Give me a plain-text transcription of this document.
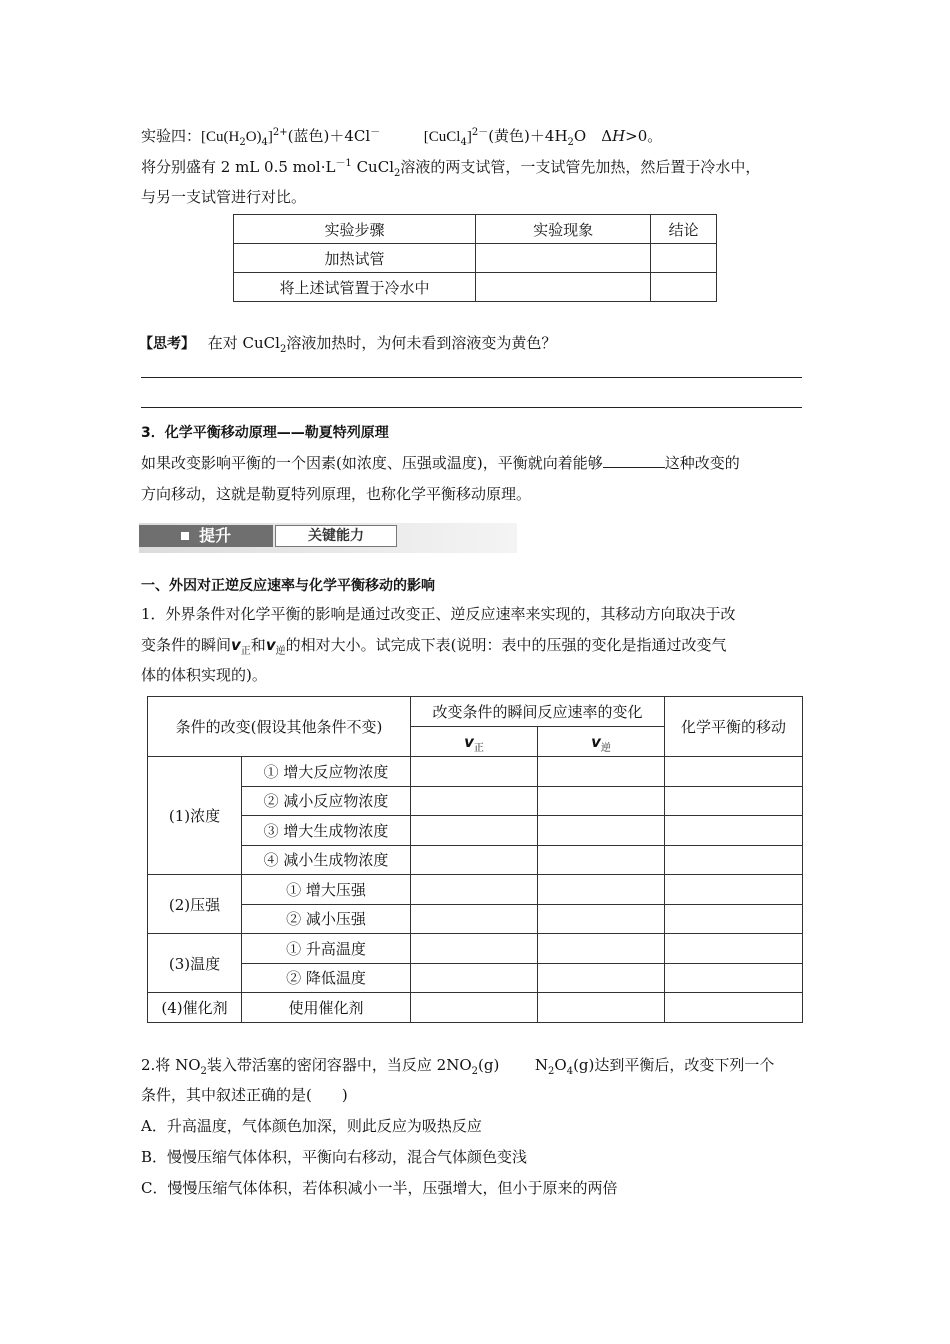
实验四：$[Cu(H_2O)_4]^{2+}$(蓝色)＋4Cl－	[CuCl$_4$]$^{2-}$(黄色)$+4H_2O$　ΔH>0。
将分别盛有 2 mL 0.5 $mol\cdot L^{-1}$ CuCl$_2$溶液的两支试管，一支试管先加热，然后置于冷水中，
与另一支试管进行对比。
实验步骤	实验现象	结论
加热试管		
将上述试管置于冷水中		
【思考】 在对 CuCl$_2$溶液加热时，为何未看到溶液变为黄色？
3．化学平衡移动原理——勒夏特列原理
如果改变影响平衡的一个因素(如浓度、压强或温度)，平衡就向着能够	这种改变的
方向移动，这就是勒夏特列原理，也称化学平衡移动原理。
提升	关键能力
一、外因对正逆反应速率与化学平衡移动的影响
1．外界条件对化学平衡的影响是通过改变正、逆反应速率来实现的，其移动方向取决于改
变条件的瞬间$v_正$和$v_逆$的相对大小。试完成下表(说明：表中的压强的变化是指通过改变气
体的体积实现的)。
条件的改变(假设其他条件不变)		改变条件的瞬间反应速率的变化		化学平衡的移动
		$v_正$	$v_逆$
(1)浓度	① 增大反应物浓度			
	② 减小反应物浓度			
	③ 增大生成物浓度			
	④ 减小生成物浓度			
(2)压强	① 增大压强			
	② 减小压强			
(3)温度	① 升高温度			
	② 降低温度			
(4)催化剂	使用催化剂			
2.将 $NO_2$装入带活塞的密闭容器中，当反应 $2NO_2(g)$ $N_2O_4(g)$达到平衡后，改变下列一个
条件，其中叙述正确的是(　　)
A．升高温度，气体颜色加深，则此反应为吸热反应
B．慢慢压缩气体体积，平衡向右移动，混合气体颜色变浅
C．慢慢压缩气体体积，若体积减小一半，压强增大，但小于原来的两倍
